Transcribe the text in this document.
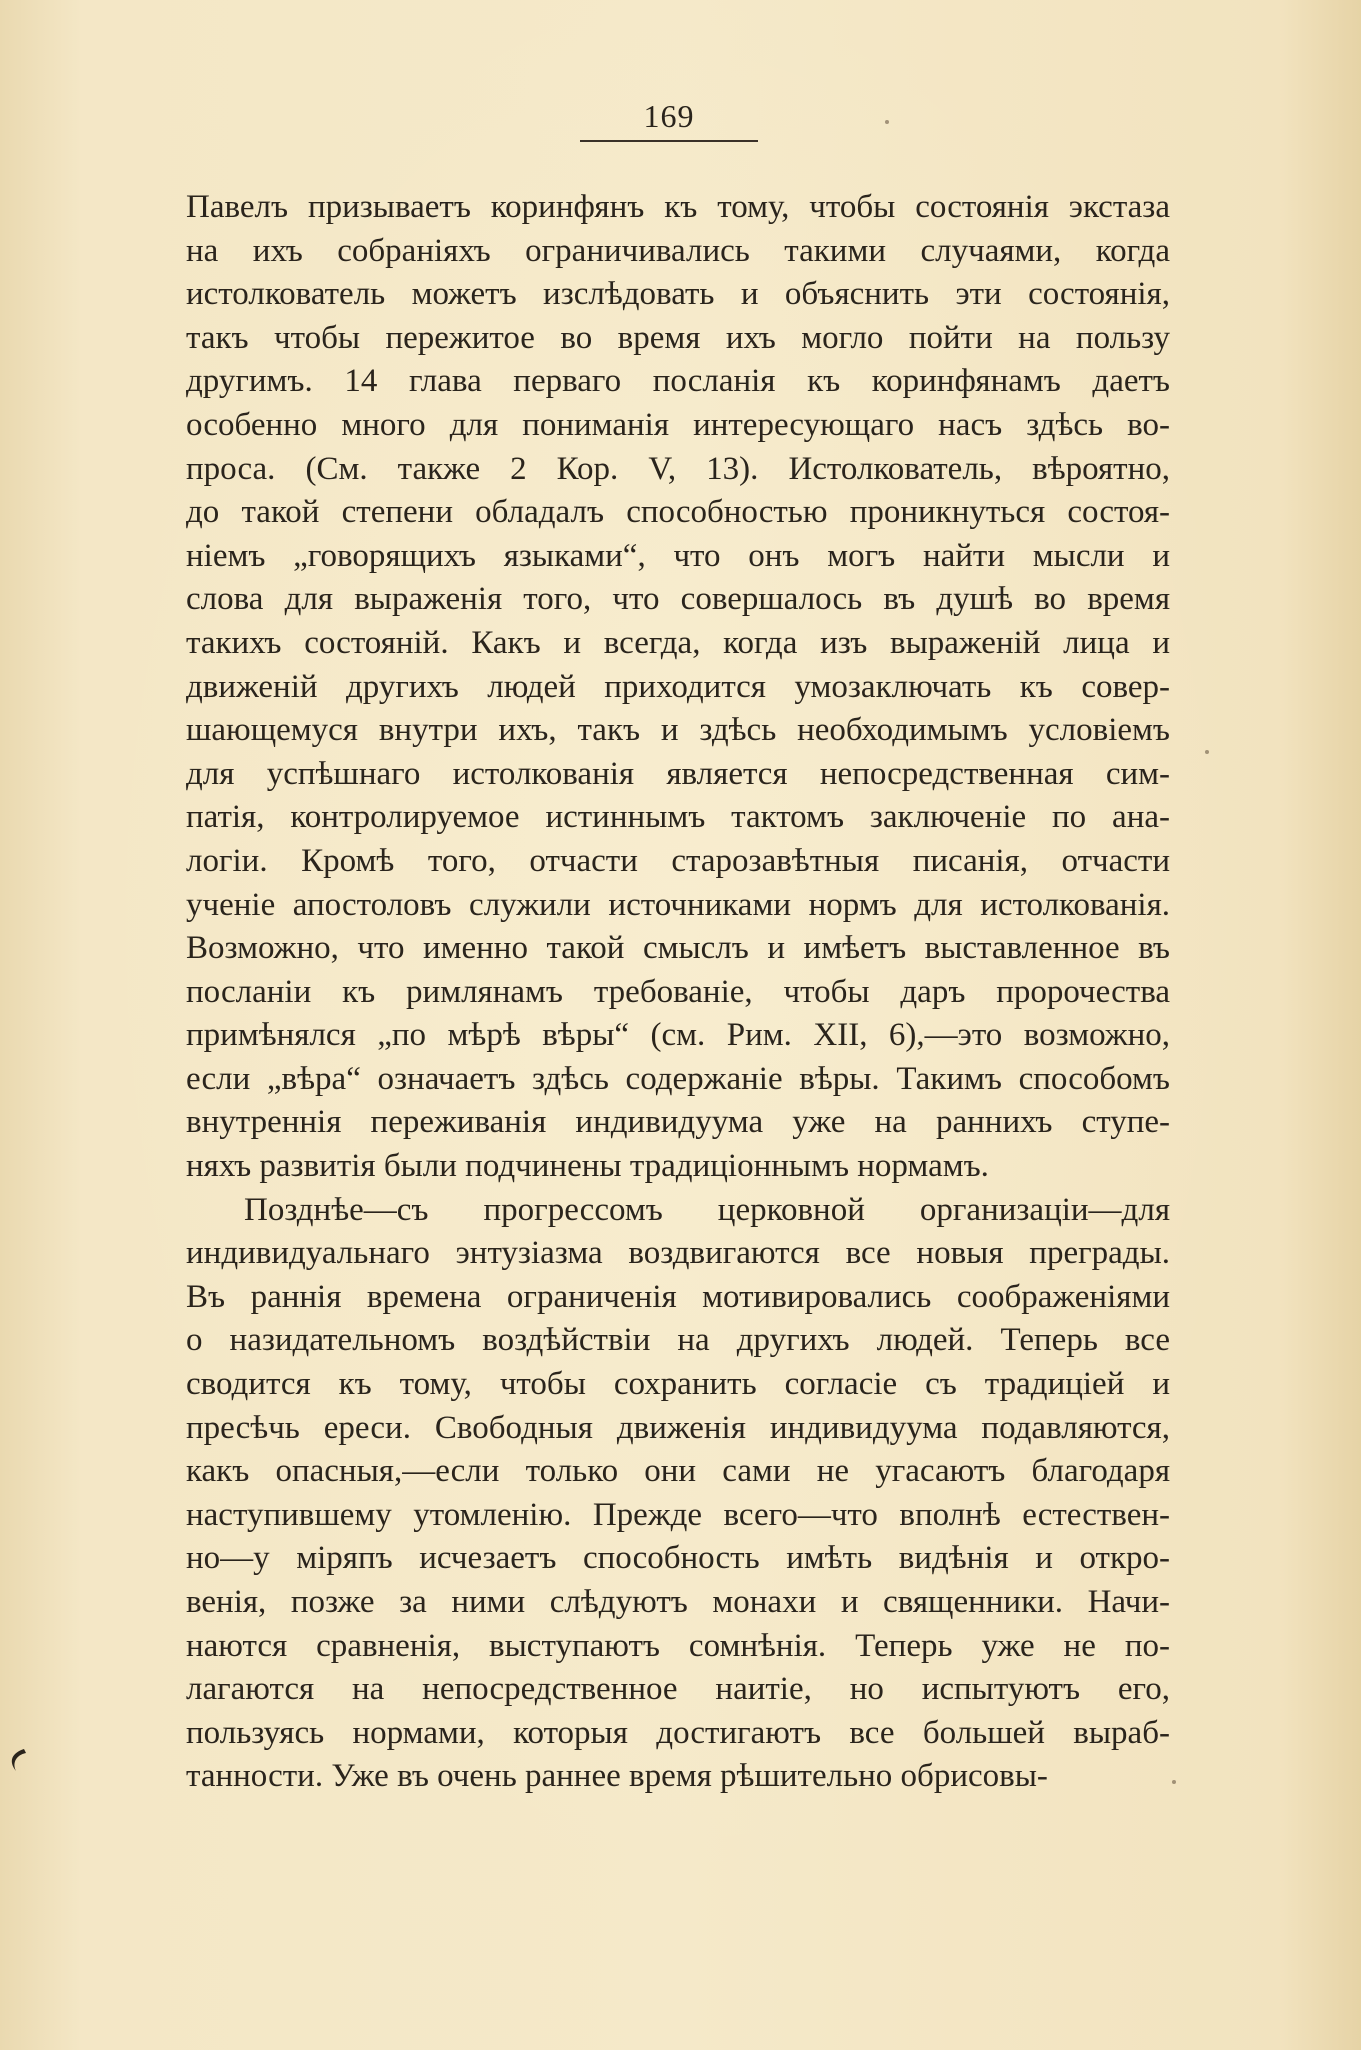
169
Павелъ призываетъ коринфянъ къ тому, чтобы состоянія экстаза
на ихъ собраніяхъ ограничивались такими случаями, когда
истолкователь можетъ изслѣдовать и объяснить эти состоянія,
такъ чтобы пережитое во время ихъ могло пойти на пользу
другимъ. 14 глава перваго посланія къ коринфянамъ даетъ
особенно много для пониманія интересующаго насъ здѣсь во-
проса. (См. также 2 Кор. V, 13). Истолкователь, вѣроятно,
до такой степени обладалъ способностью проникнуться состоя-
ніемъ „говорящихъ языками“, что онъ могъ найти мысли и
слова для выраженія того, что совершалось въ душѣ во время
такихъ состояній. Какъ и всегда, когда изъ выраженій лица и
движеній другихъ людей приходится умозаключать къ совер-
шающемуся внутри ихъ, такъ и здѣсь необходимымъ условіемъ
для успѣшнаго истолкованія является непосредственная сим-
патія, контролируемое истиннымъ тактомъ заключеніе по ана-
логіи. Кромѣ того, отчасти старозавѣтныя писанія, отчасти
ученіе апостоловъ служили источниками нормъ для истолкованія.
Возможно, что именно такой смыслъ и имѣетъ выставленное въ
посланіи къ римлянамъ требованіе, чтобы даръ пророчества
примѣнялся „по мѣрѣ вѣры“ (см. Рим. XII, 6),—это возможно,
если „вѣра“ означаетъ здѣсь содержаніе вѣры. Такимъ способомъ
внутреннія переживанія индивидуума уже на раннихъ ступе-
няхъ развитія были подчинены традиціоннымъ нормамъ.
Позднѣе—съ прогрессомъ церковной организаціи—для
индивидуальнаго энтузіазма воздвигаются все новыя преграды.
Въ раннія времена ограниченія мотивировались соображеніями
о назидательномъ воздѣйствіи на другихъ людей. Теперь все
сводится къ тому, чтобы сохранить согласіе съ традиціей и
пресѣчь ереси. Свободныя движенія индивидуума подавляются,
какъ опасныя,—если только они сами не угасаютъ благодаря
наступившему утомленію. Прежде всего—что вполнѣ естествен-
но—у міряпъ исчезаетъ способность имѣть видѣнія и откро-
венія, позже за ними слѣдуютъ монахи и священники. Начи-
наются сравненія, выступаютъ сомнѣнія. Теперь уже не по-
лагаются на непосредственное наитіе, но испытуютъ его,
пользуясь нормами, которыя достигаютъ все большей выраб-
танности. Уже въ очень раннее время рѣшительно обрисовы-
